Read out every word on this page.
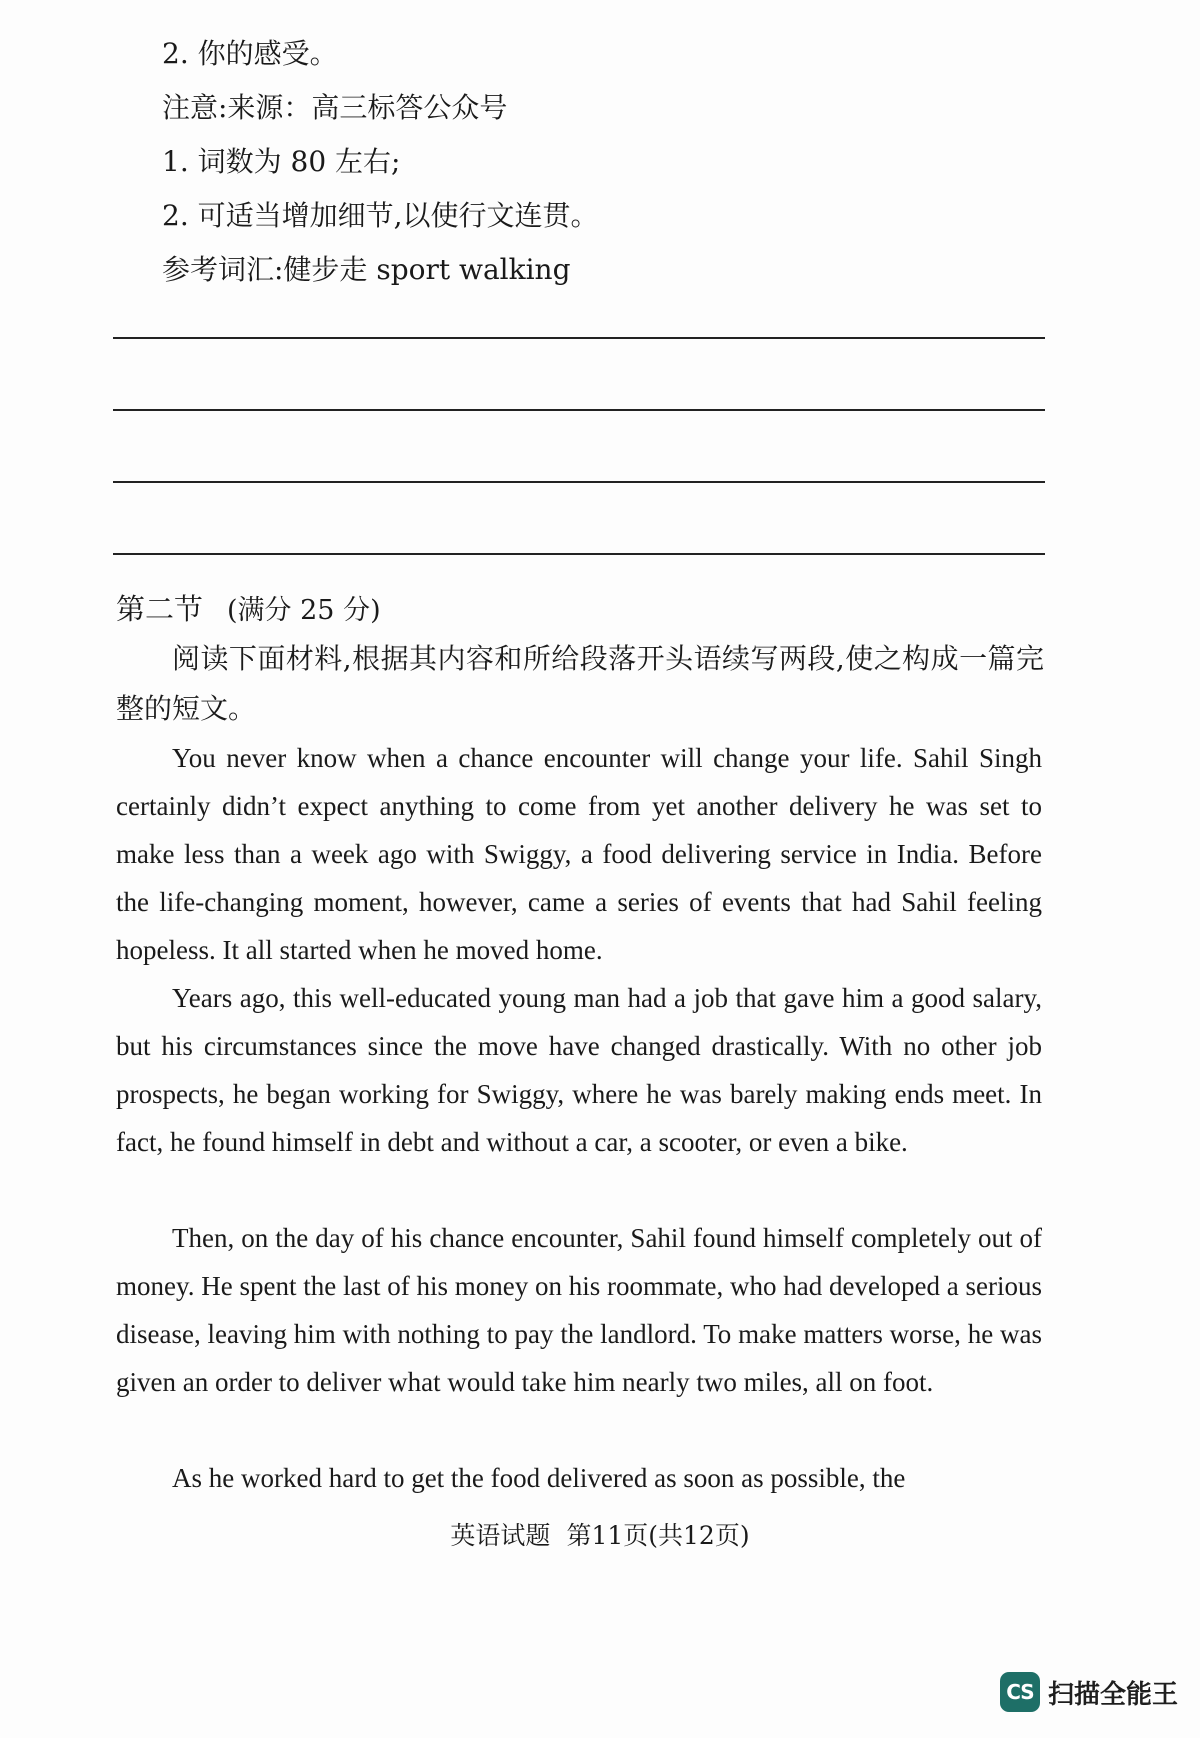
2. 你的感受。
注意:来源：高三标答公众号
1. 词数为 80 左右;
2. 可适当增加细节,以使行文连贯。
参考词汇:健步走 sport walking
第二节 (满分 25 分)
阅读下面材料,根据其内容和所给段落开头语续写两段,使之构成一篇完整的短文。
You never know when a chance encounter will change your life. Sahil Singh certainly didn’t expect anything to come from yet another delivery he was set to make less than a week ago with Swiggy, a food delivering service in India. Before the life-changing moment, however, came a series of events that had Sahil feeling hopeless. It all started when he moved home.
Years ago, this well-educated young man had a job that gave him a good salary, but his circumstances since the move have changed drastically. With no other job prospects, he began working for Swiggy, where he was barely making ends meet. In fact, he found himself in debt and without a car, a scooter, or even a bike.
Then, on the day of his chance encounter, Sahil found himself completely out of money. He spent the last of his money on his roommate, who had developed a serious disease, leaving him with nothing to pay the landlord. To make matters worse, he was given an order to deliver what would take him nearly two miles, all on foot.
As he worked hard to get the food delivered as soon as possible, the
英语试题 第11页(共12页)
CS 扫描全能王
